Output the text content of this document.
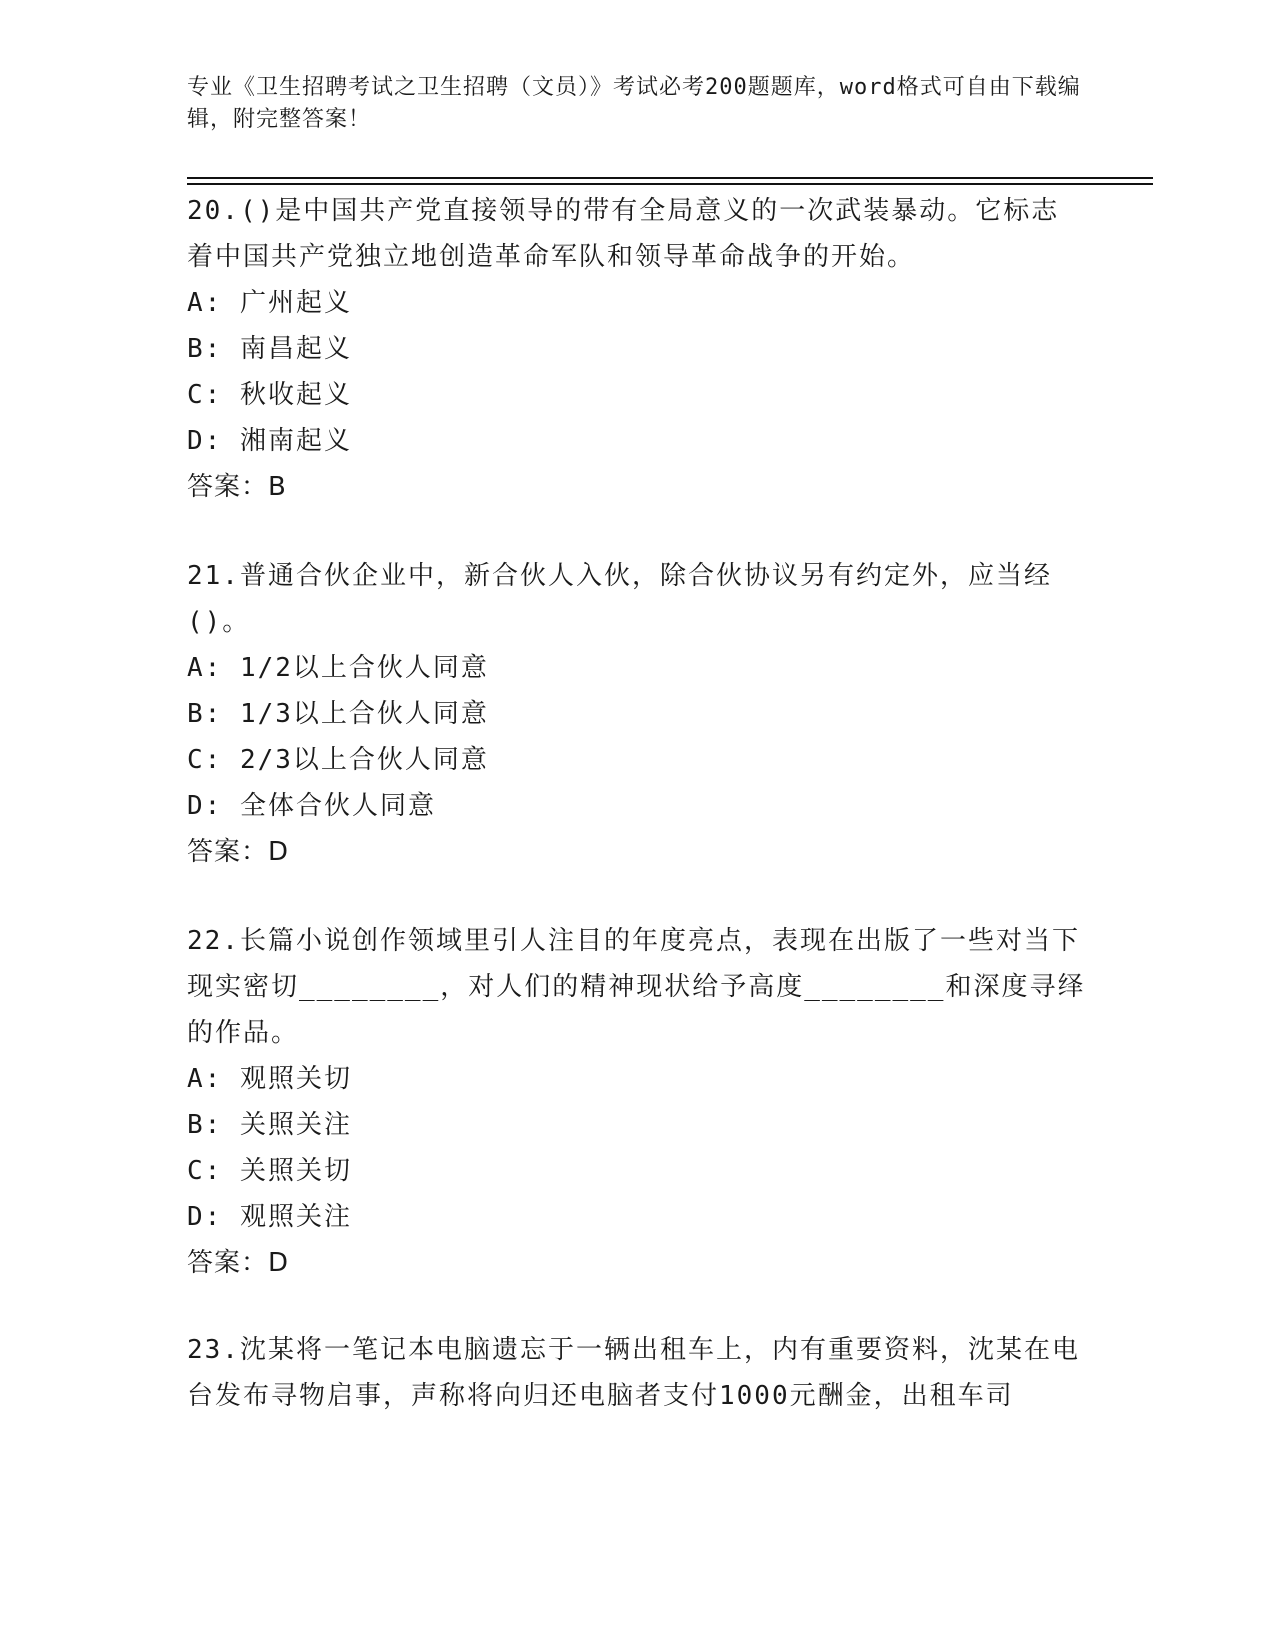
专业《卫生招聘考试之卫生招聘（文员）》考试必考200题题库，word格式可自由下载编辑，附完整答案！

20.()是中国共产党直接领导的带有全局意义的一次武装暴动。它标志着中国共产党独立地创造革命军队和领导革命战争的开始。

A: 广州起义

B: 南昌起义

C: 秋收起义

D: 湘南起义

答案：B

21.普通合伙企业中，新合伙人入伙，除合伙协议另有约定外，应当经()。

A: 1/2以上合伙人同意

B: 1/3以上合伙人同意

C: 2/3以上合伙人同意

D: 全体合伙人同意

答案：D

22.长篇小说创作领域里引人注目的年度亮点，表现在出版了一些对当下现实密切________，对人们的精神现状给予高度________和深度寻绎的作品。

A: 观照关切

B: 关照关注

C: 关照关切

D: 观照关注

答案：D

23.沈某将一笔记本电脑遗忘于一辆出租车上，内有重要资料，沈某在电台发布寻物启事，声称将向归还电脑者支付1000元酬金，出租车司
